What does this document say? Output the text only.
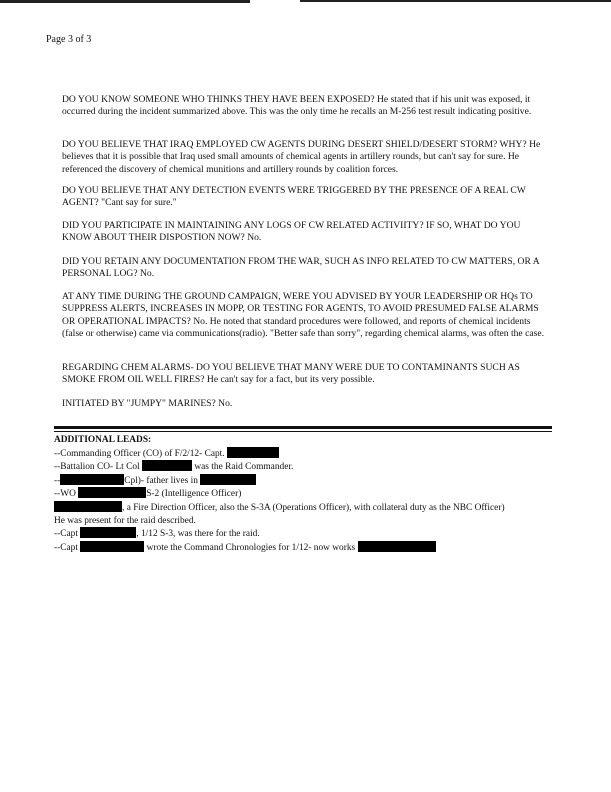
Page 3 of 3

DO YOU KNOW SOMEONE WHO THINKS THEY HAVE BEEN EXPOSED? He stated that if his unit was exposed, it occurred during the incident summarized above. This was the only time he recalls an M-256 test result indicating positive.

DO YOU BELIEVE THAT IRAQ EMPLOYED CW AGENTS DURING DESERT SHIELD/DESERT STORM? WHY? He believes that it is possible that Iraq used small amounts of chemical agents in artillery rounds, but can't say for sure. He referenced the discovery of chemical munitions and artillery rounds by coalition forces.

DO YOU BELIEVE THAT ANY DETECTION EVENTS WERE TRIGGERED BY THE PRESENCE OF A REAL CW AGENT? "Cant say for sure."

DID YOU PARTICIPATE IN MAINTAINING ANY LOGS OF CW RELATED ACTIVIITY? IF SO, WHAT DO YOU KNOW ABOUT THEIR DISPOSTION NOW? No.

DID YOU RETAIN ANY DOCUMENTATION FROM THE WAR, SUCH AS INFO RELATED TO CW MATTERS, OR A PERSONAL LOG? No.

AT ANY TIME DURING THE GROUND CAMPAIGN, WERE YOU ADVISED BY YOUR LEADERSHIP OR HQs TO SUPPRESS ALERTS, INCREASES IN MOPP, OR TESTING FOR AGENTS, TO AVOID PRESUMED FALSE ALARMS OR OPERATIONAL IMPACTS? No. He noted that standard procedures were followed, and reports of chemical incidents (false or otherwise) came via communications(radio). "Better safe than sorry", regarding chemical alarms, was often the case.

REGARDING CHEM ALARMS- DO YOU BELIEVE THAT MANY WERE DUE TO CONTAMINANTS SUCH AS SMOKE FROM OIL WELL FIRES? He can't say for a fact, but its very possible.

INITIATED BY "JUMPY" MARINES? No.

ADDITIONAL LEADS:
--Commanding Officer (CO) of F/2/12- Capt.
--Battalion CO- Lt Col	was the Raid Commander.
--	Cpl)- father lives in
--WO	S-2 (Intelligence Officer)
, a Fire Direction Officer, also the S-3A (Operations Officer), with collateral duty as the NBC Officer)
He was present for the raid described.
--Capt	, 1/12 S-3, was there for the raid.
--Capt	wrote the Command Chronologies for 1/12- now works
